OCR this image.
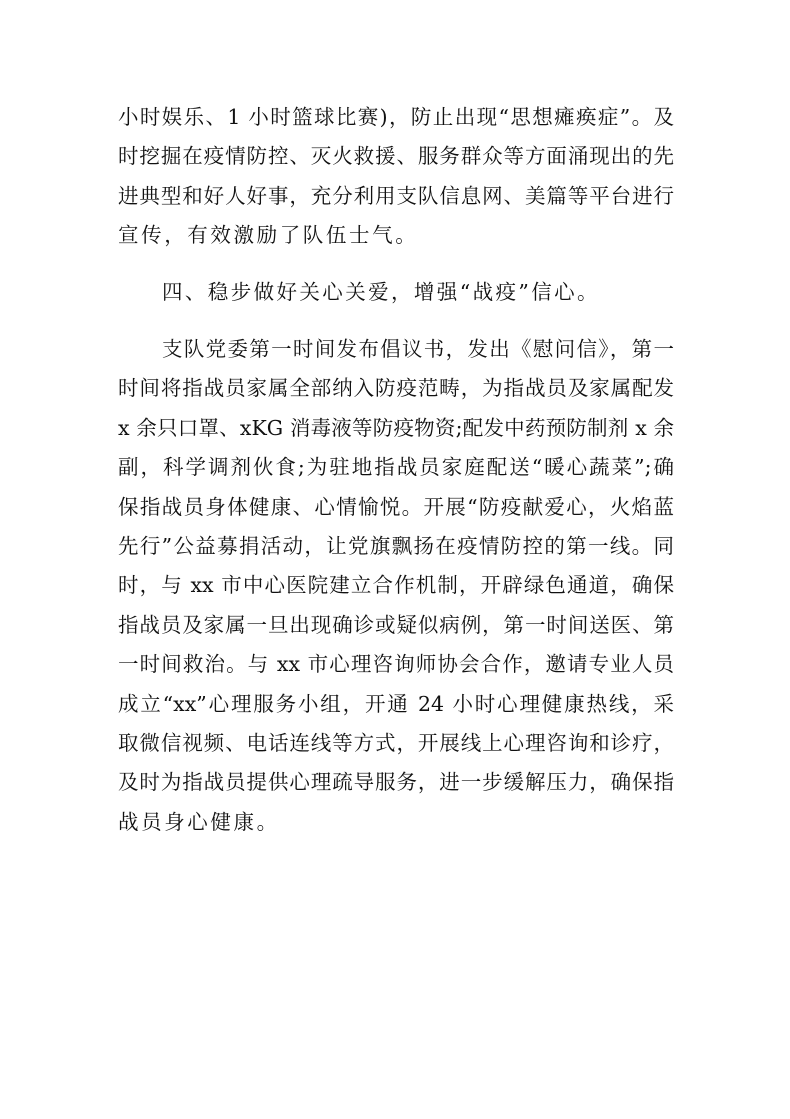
小时娱乐、1 小时篮球比赛)，防止出现“思想瘫痪症”。及
时挖掘在疫情防控、灭火救援、服务群众等方面涌现出的先
进典型和好人好事，充分利用支队信息网、美篇等平台进行
宣传，有效激励了队伍士气。
四、稳步做好关心关爱，增强“战疫”信心。
支队党委第一时间发布倡议书，发出《慰问信》，第一
时间将指战员家属全部纳入防疫范畴，为指战员及家属配发
x 余只口罩、xKG 消毒液等防疫物资;配发中药预防制剂 x 余
副，科学调剂伙食;为驻地指战员家庭配送“暖心蔬菜”;确
保指战员身体健康、心情愉悦。开展“防疫献爱心，火焰蓝
先行”公益募捐活动，让党旗飘扬在疫情防控的第一线。同
时，与 xx 市中心医院建立合作机制，开辟绿色通道，确保
指战员及家属一旦出现确诊或疑似病例，第一时间送医、第
一时间救治。与 xx 市心理咨询师协会合作，邀请专业人员
成立“xx”心理服务小组，开通 24 小时心理健康热线，采
取微信视频、电话连线等方式，开展线上心理咨询和诊疗，
及时为指战员提供心理疏导服务，进一步缓解压力，确保指
战员身心健康。
